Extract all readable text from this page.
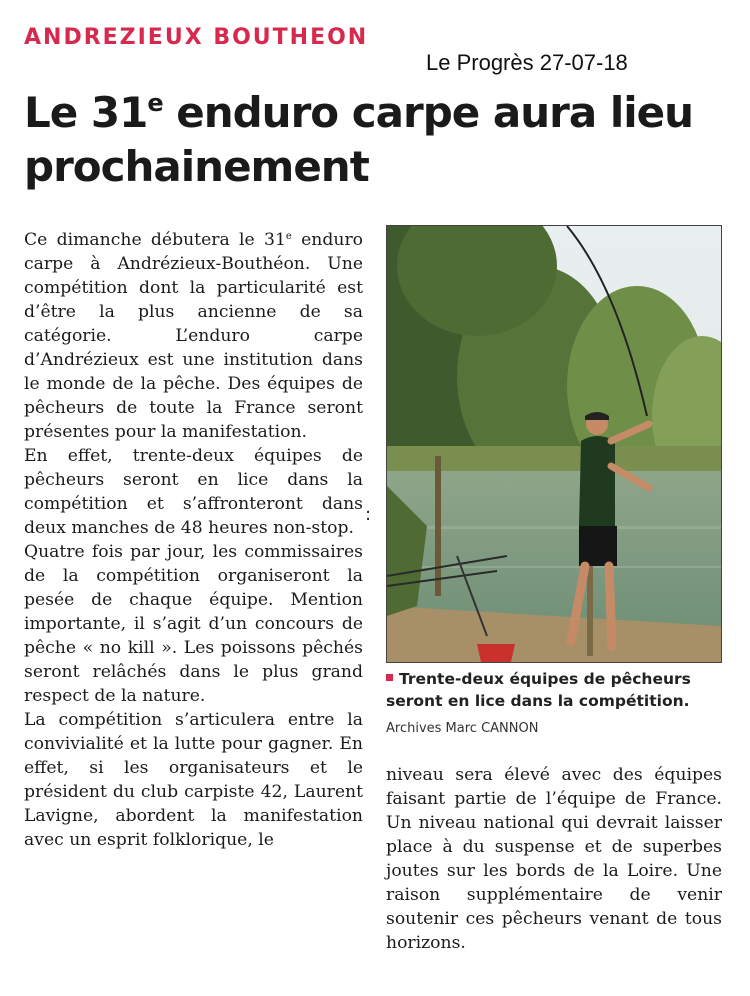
ANDREZIEUX BOUTHEON
Le Progrès 27-07-18
Le 31e enduro carpe aura lieu prochainement

Ce dimanche débutera le 31e enduro carpe à Andrézieux-Bouthéon. Une compétition dont la particularité est d’être la plus ancienne de sa catégorie. L’enduro carpe d’Andrézieux est une institution dans le monde de la pêche. Des équipes de pêcheurs de toute la France seront présentes pour la manifestation.

En effet, trente-deux équipes de pêcheurs seront en lice dans la compétition et s’affronteront dans deux manches de 48 heures non-stop.

Quatre fois par jour, les commissaires de la compétition organiseront la pesée de chaque équipe. Mention importante, il s’agit d’un concours de pêche « no kill ». Les poissons pêchés seront relâchés dans le plus grand respect de la nature.

La compétition s’articulera entre la convivialité et la lutte pour gagner. En effet, si les organisateurs et le président du club carpiste 42, Laurent Lavigne, abordent la manifestation avec un esprit folklorique, le

:
Trente-deux équipes de pêcheurs seront en lice dans la compétition.
Archives Marc CANNON

niveau sera élevé avec des équipes faisant partie de l’équipe de France. Un niveau national qui devrait laisser place à du suspense et de superbes joutes sur les bords de la Loire. Une raison supplémentaire de venir soutenir ces pêcheurs venant de tous horizons.
